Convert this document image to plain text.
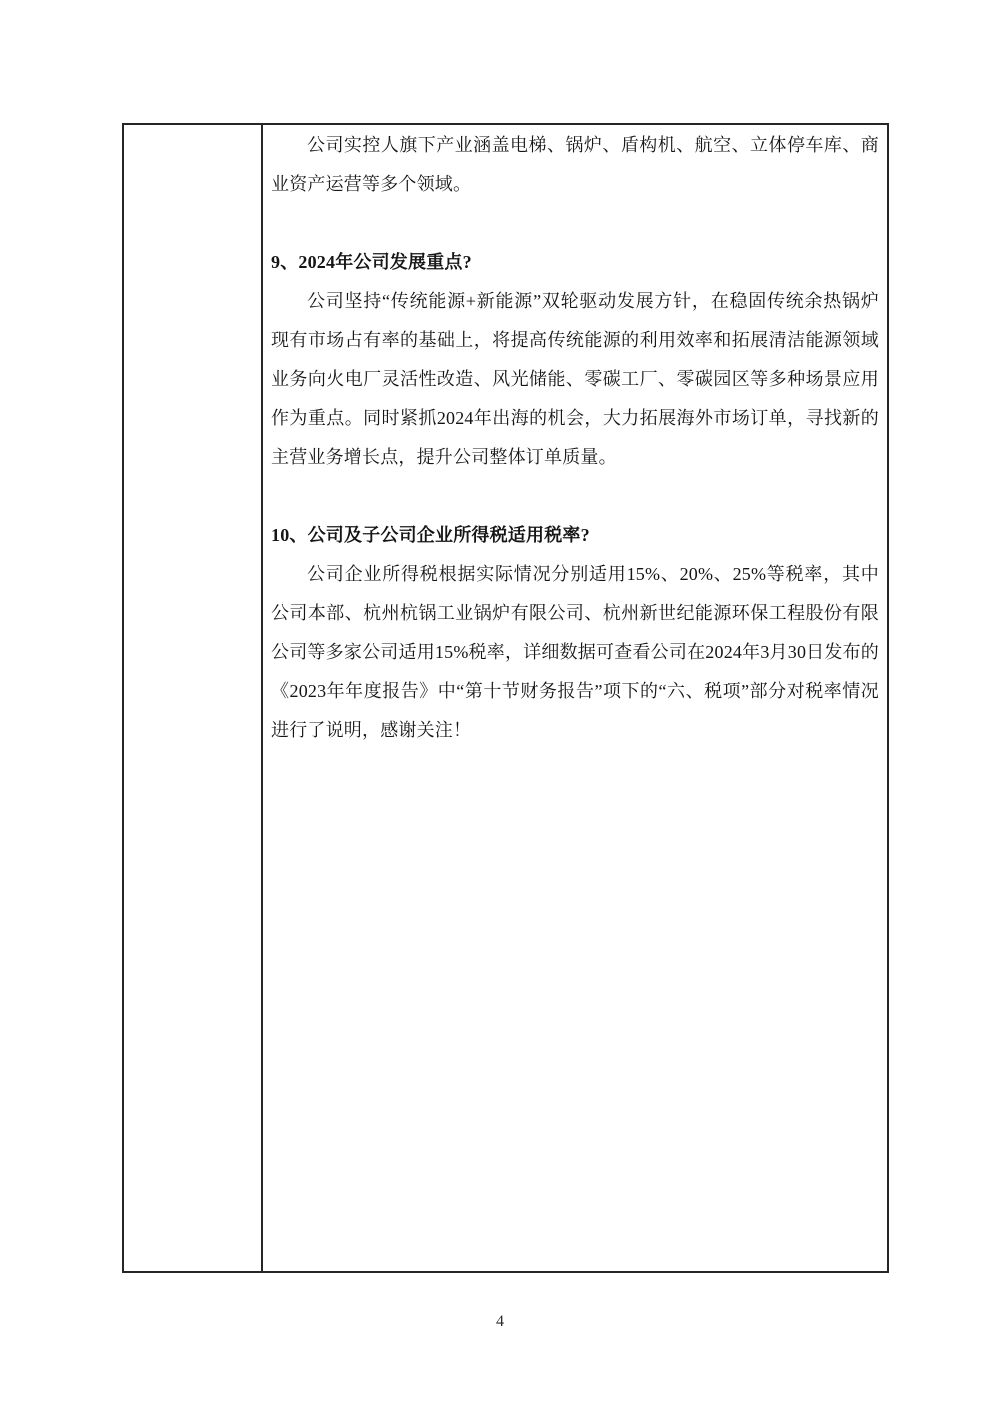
公司实控人旗下产业涵盖电梯、锅炉、盾构机、航空、立体停车库、商业资产运营等多个领域。

9、2024年公司发展重点?

公司坚持“传统能源+新能源”双轮驱动发展方针，在稳固传统余热锅炉现有市场占有率的基础上，将提高传统能源的利用效率和拓展清洁能源领域业务向火电厂灵活性改造、风光储能、零碳工厂、零碳园区等多种场景应用作为重点。同时紧抓2024年出海的机会，大力拓展海外市场订单，寻找新的主营业务增长点，提升公司整体订单质量。

10、公司及子公司企业所得税适用税率?

公司企业所得税根据实际情况分别适用15%、20%、25%等税率，其中公司本部、杭州杭锅工业锅炉有限公司、杭州新世纪能源环保工程股份有限公司等多家公司适用15%税率，详细数据可查看公司在2024年3月30日发布的《2023年年度报告》中“第十节财务报告”项下的“六、税项”部分对税率情况进行了说明，感谢关注！

4
